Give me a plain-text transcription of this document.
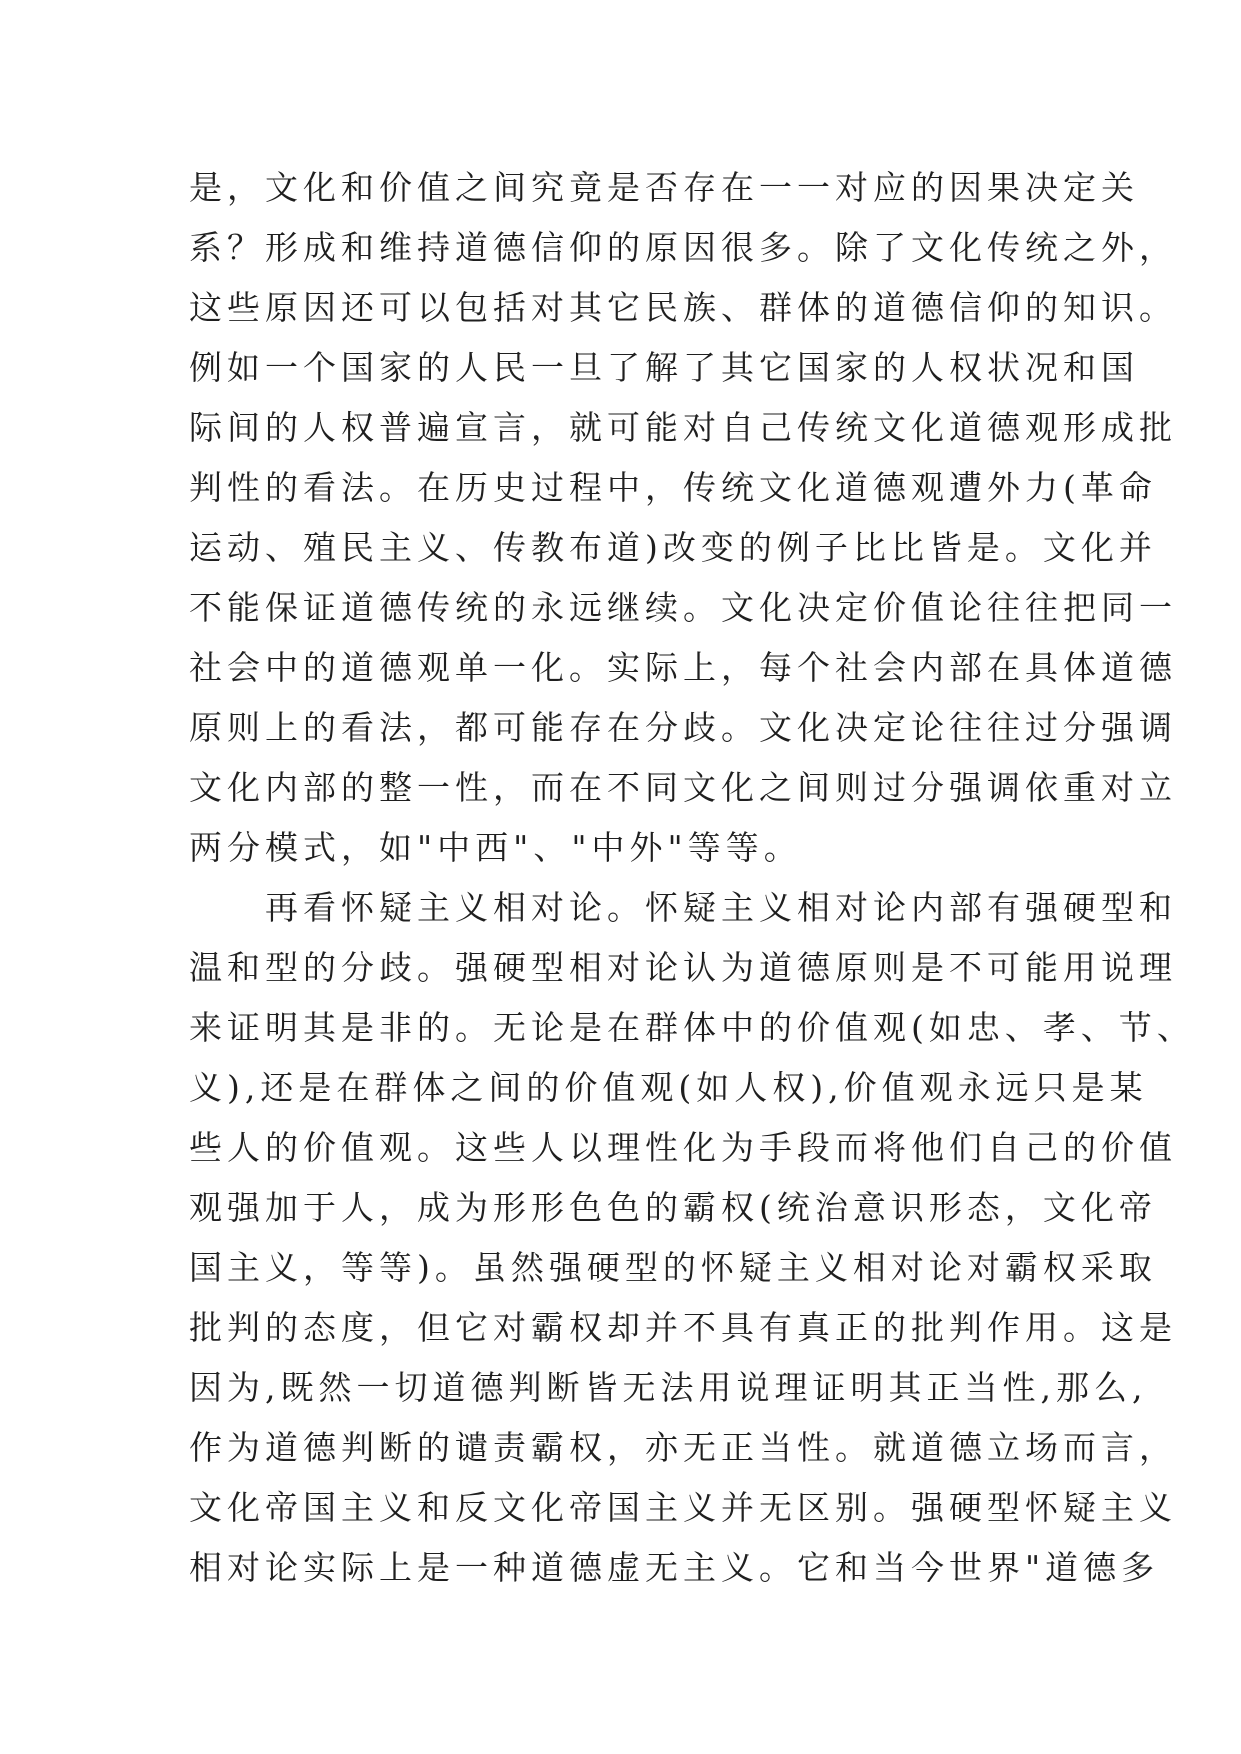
是，文化和价值之间究竟是否存在一一对应的因果决定关
系？形成和维持道德信仰的原因很多。除了文化传统之外，
这些原因还可以包括对其它民族、群体的道德信仰的知识。
例如一个国家的人民一旦了解了其它国家的人权状况和国
际间的人权普遍宣言，就可能对自己传统文化道德观形成批
判性的看法。在历史过程中，传统文化道德观遭外力(革命
运动、殖民主义、传教布道)改变的例子比比皆是。文化并
不能保证道德传统的永远继续。文化决定价值论往往把同一
社会中的道德观单一化。实际上，每个社会内部在具体道德
原则上的看法，都可能存在分歧。文化决定论往往过分强调
文化内部的整一性，而在不同文化之间则过分强调依重对立
两分模式，如"中西"、"中外"等等。
　　再看怀疑主义相对论。怀疑主义相对论内部有强硬型和
温和型的分歧。强硬型相对论认为道德原则是不可能用说理
来证明其是非的。无论是在群体中的价值观(如忠、孝、节、
义),还是在群体之间的价值观(如人权),价值观永远只是某
些人的价值观。这些人以理性化为手段而将他们自己的价值
观强加于人，成为形形色色的霸权(统治意识形态，文化帝
国主义，等等)。虽然强硬型的怀疑主义相对论对霸权采取
批判的态度，但它对霸权却并不具有真正的批判作用。这是
因为,既然一切道德判断皆无法用说理证明其正当性,那么,
作为道德判断的谴责霸权，亦无正当性。就道德立场而言，
文化帝国主义和反文化帝国主义并无区别。强硬型怀疑主义
相对论实际上是一种道德虚无主义。它和当今世界"道德多
